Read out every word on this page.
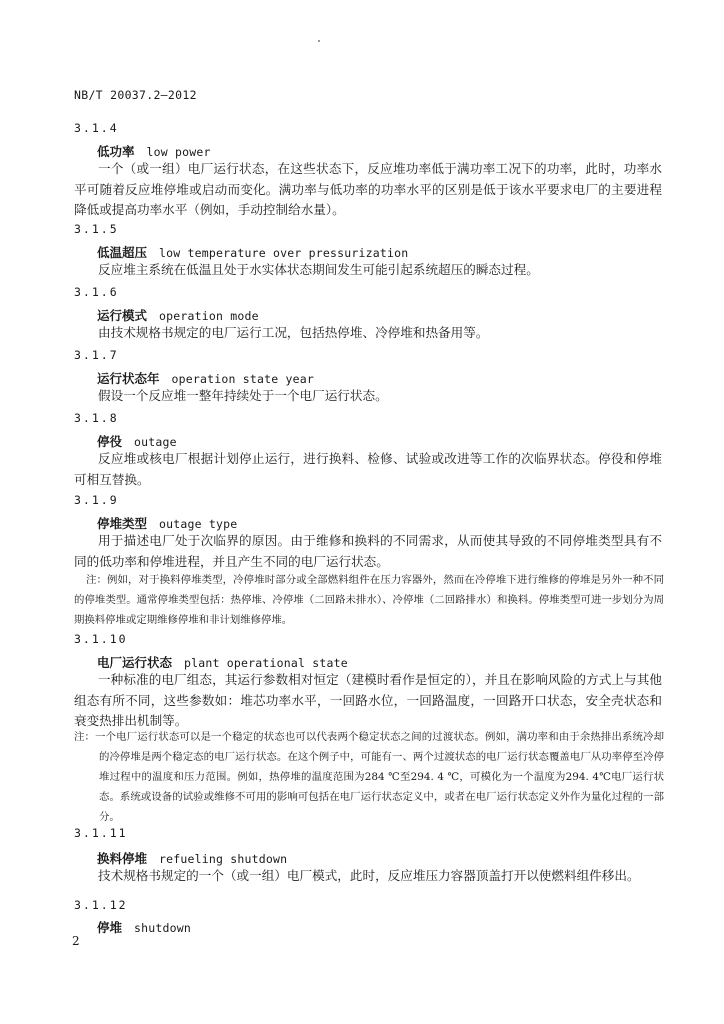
NB/T 20037.2—2012
3.1.4
低功率 low power
一个（或一组）电厂运行状态，在这些状态下，反应堆功率低于满功率工况下的功率，此时，功率水平可随着反应堆停堆或启动而变化。满功率与低功率的功率水平的区别是低于该水平要求电厂的主要进程降低或提高功率水平（例如，手动控制给水量）。
3.1.5
低温超压 low temperature over pressurization
反应堆主系统在低温且处于水实体状态期间发生可能引起系统超压的瞬态过程。
3.1.6
运行模式 operation mode
由技术规格书规定的电厂运行工况，包括热停堆、冷停堆和热备用等。
3.1.7
运行状态年 operation state year
假设一个反应堆一整年持续处于一个电厂运行状态。
3.1.8
停役 outage
反应堆或核电厂根据计划停止运行，进行换料、检修、试验或改进等工作的次临界状态。停役和停堆可相互替换。
3.1.9
停堆类型 outage type
用于描述电厂处于次临界的原因。由于维修和换料的不同需求，从而使其导致的不同停堆类型具有不同的低功率和停堆进程，并且产生不同的电厂运行状态。
注：例如，对于换料停堆类型，冷停堆时部分或全部燃料组件在压力容器外，然而在冷停堆下进行维修的停堆是另外一种不同的停堆类型。通常停堆类型包括：热停堆、冷停堆（二回路未排水）、冷停堆（二回路排水）和换料。停堆类型可进一步划分为周期换料停堆或定期维修停堆和非计划维修停堆。
3.1.10
电厂运行状态 plant operational state
一种标准的电厂组态，其运行参数相对恒定（建模时看作是恒定的），并且在影响风险的方式上与其他组态有所不同，这些参数如：堆芯功率水平，一回路水位，一回路温度，一回路开口状态，安全壳状态和衰变热排出机制等。
注：一个电厂运行状态可以是一个稳定的状态也可以代表两个稳定状态之间的过渡状态。例如，满功率和由于余热排出系统冷却的冷停堆是两个稳定态的电厂运行状态。在这个例子中，可能有一、两个过渡状态的电厂运行状态覆盖电厂从功率停至冷停堆过程中的温度和压力范围。例如，热停堆的温度范围为284 ℃至294. 4 ℃，可模化为一个温度为294. 4℃电厂运行状态。系统或设备的试验或维修不可用的影响可包括在电厂运行状态定义中，或者在电厂运行状态定义外作为量化过程的一部分。
3.1.11
换料停堆 refueling shutdown
技术规格书规定的一个（或一组）电厂模式，此时，反应堆压力容器顶盖打开以使燃料组件移出。
3.1.12
停堆 shutdown
2
